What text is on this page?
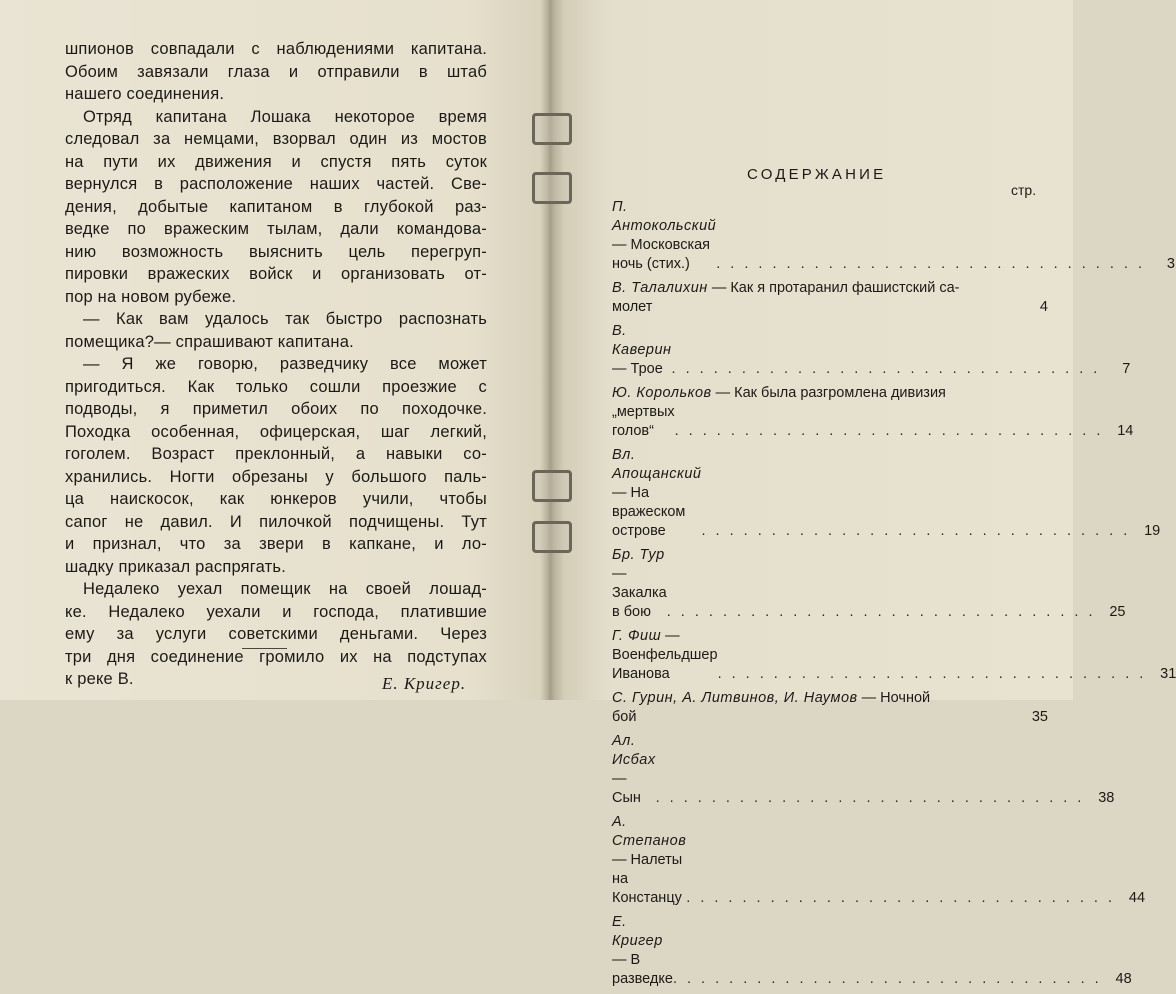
шпионов совпадали с наблюдениями капитана.
Обоим завязали глаза и отправили в штаб
нашего соединения.
Отряд капитана Лошака некоторое время
следовал за немцами, взорвал один из мостов
на пути их движения и спустя пять суток
вернулся в расположение наших частей. Све-
дения, добытые капитаном в глубокой раз-
ведке по вражеским тылам, дали командова-
нию возможность выяснить цель перегруп-
пировки вражеских войск и организовать от-
пор на новом рубеже.
— Как вам удалось так быстро распознать
помещика?— спрашивают капитана.
— Я же говорю, разведчику все может
пригодиться. Как только сошли проезжие с
подводы, я приметил обоих по походочке.
Походка особенная, офицерская, шаг легкий,
гоголем. Возраст преклонный, а навыки со-
хранились. Ногти обрезаны у большого паль-
ца наискосок, как юнкеров учили, чтобы
сапог не давил. И пилочкой подчищены. Тут
и признал, что за звери в капкане, и ло-
шадку приказал распрягать.
Недалеко уехал помещик на своей лошад-
ке. Недалеко уехали и господа, платившие
ему за услуги советскими деньгами. Через
три дня соединение громило их на подступах
к реке В.	Е. Кригер.
СОДЕРЖАНИЕ
стр.
П. Антокольский — Московская ночь (стих.)	. . . . . . . . . . . . . . . . . . . . . . . . . . . . . . .	3
В. Талалихин — Как я протаранил фашистский са-
молет	4
В. Каверин — Трое . . . . . . . . . . . . . . . . . . . . . . . . . . . . . . .	7
Ю. Корольков — Как была разгромлена дивизия
„мертвых голов“	. . . . . . . . . . . . . . . . . . . . . . . . . . . . . . . 14
Вл. Апощанский — На вражеском острове	. . . . . . . . . . . . . . . . . . . . . . . . . . . . . . . 19
Бр. Тур — Закалка в бою	. . . . . . . . . . . . . . . . . . . . . . . . . . . . . . . 25
Г. Фиш — Военфельдшер Иванова	. . . . . . . . . . . . . . . . . . . . . . . . . . . . . . . 31
С. Гурин, А. Литвинов, И. Наумов — Ночной
бой	35
Ал. Исбах — Сын	. . . . . . . . . . . . . . . . . . . . . . . . . . . . . . . 38
А. Степанов — Налеты на Констанцу . . . . . . . . . . . . . . . . . . . . . . . . . . . . . . . 44
Е. Кригер — В разведке . . . . . . . . . . . . . . . . . . . . . . . . . . . . . . . 48
